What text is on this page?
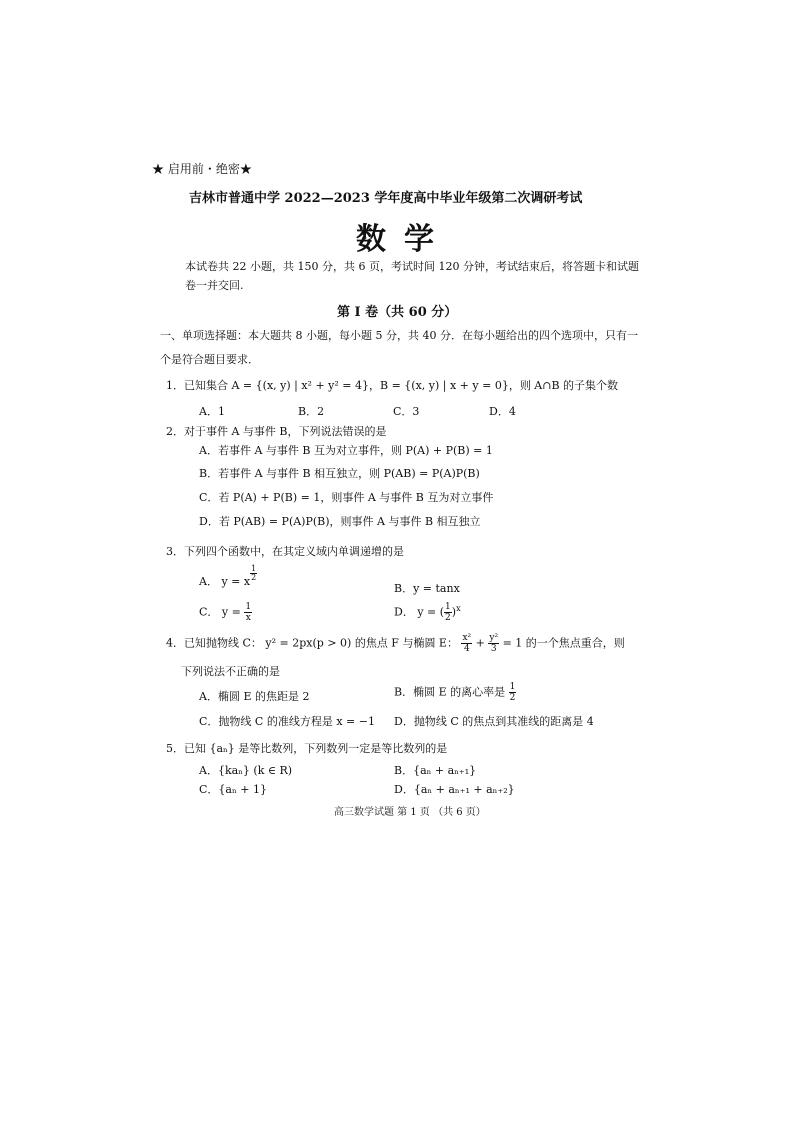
★ 启用前・绝密★
吉林市普通中学 2022—2023 学年度高中毕业年级第二次调研考试
数学
本试卷共 22 小题，共 150 分，共 6 页，考试时间 120 分钟，考试结束后，将答题卡和试题卷一并交回.
第 I 卷（共 60 分）
一、单项选择题：本大题共 8 小题，每小题 5 分，共 40 分．在每小题给出的四个选项中，只有一个是符合题目要求．
1．已知集合 A = {(x, y) | x² + y² = 4}，B = {(x, y) | x + y = 0}，则 A∩B 的子集个数
A．1	B．2	C．3	D．4
2．对于事件 A 与事件 B，下列说法错误的是
A．若事件 A 与事件 B 互为对立事件，则 P(A) + P(B) = 1
B．若事件 A 与事件 B 相互独立，则 P(AB) = P(A)P(B)
C．若 P(A) + P(B) = 1，则事件 A 与事件 B 互为对立事件
D．若 P(AB) = P(A)P(B)，则事件 A 与事件 B 相互独立
3．下列四个函数中，在其定义域内单调递增的是
A． y = x $\frac{1}{2}$
B．y = tanx
C． $y = \frac{1}{x}$	D． y = ( $\frac{1}{2} )^x$
4．已知抛物线 C： y² = 2px(p > 0) 的焦点 F 与椭圆 E： $\frac{\text{x²}}{4} + \frac{\text{y²}}{3} = 1$ 的一个焦点重合，则
下列说法不正确的是
A．椭圆 E 的焦距是 2	B．椭圆 E 的离心率是 $\frac{1}{2}$
C．抛物线 C 的准线方程是 x = −1 D．抛物线 C 的焦点到其准线的距离是 4
5．已知 {aₙ} 是等比数列，下列数列一定是等比数列的是
A．{kaₙ} (k ∈ R)	B．{aₙ + aₙ₊₁}
C．{aₙ + 1}	D．{aₙ + aₙ₊₁ + aₙ₊₂}
高三数学试题 第 1 页 （共 6 页）
